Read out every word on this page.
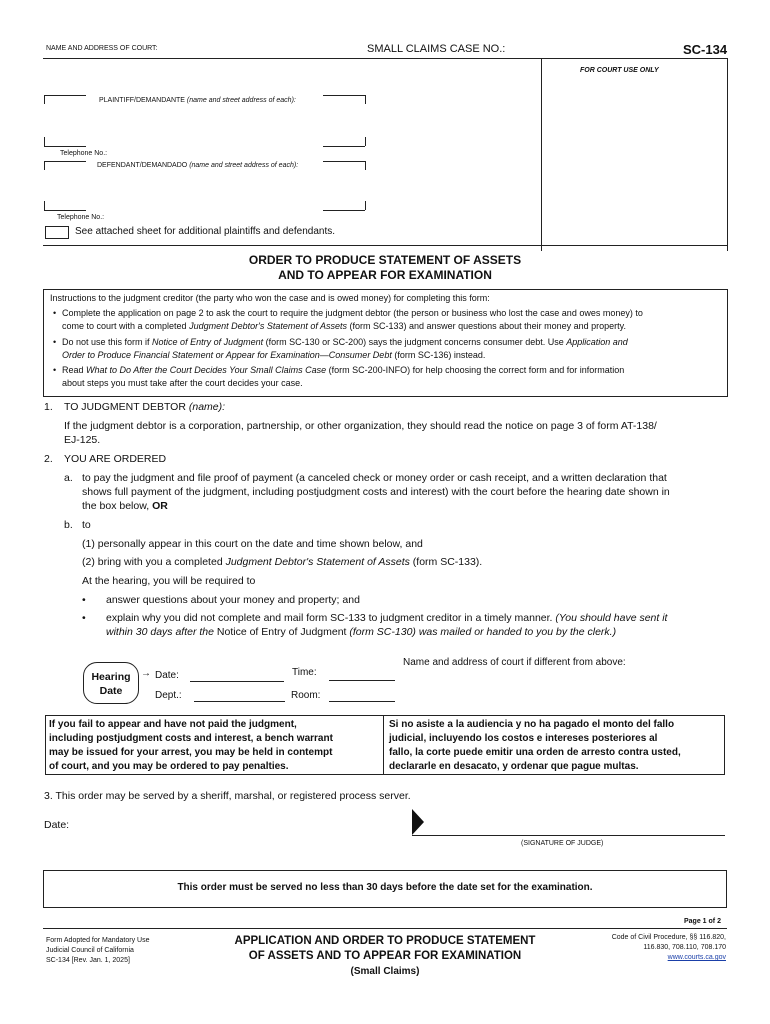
NAME AND ADDRESS OF COURT:	SMALL CLAIMS CASE NO.:	SC-134
FOR COURT USE ONLY
PLAINTIFF/DEMANDANTE (name and street address of each):
Telephone No.:
DEFENDANT/DEMANDADO (name and street address of each):
Telephone No.:
See attached sheet for additional plaintiffs and defendants.
ORDER TO PRODUCE STATEMENT OF ASSETS
AND TO APPEAR FOR EXAMINATION
Instructions to the judgment creditor (the party who won the case and is owed money) for completing this form:
• Complete the application on page 2 to ask the court to require the judgment debtor (the person or business who lost the case and owes money) to
come to court with a completed Judgment Debtor's Statement of Assets (form SC-133) and answer questions about their money and property.
• Do not use this form if Notice of Entry of Judgment (form SC-130 or SC-200) says the judgment concerns consumer debt. Use Application and
Order to Produce Financial Statement or Appear for Examination—Consumer Debt (form SC-136) instead.
• Read What to Do After the Court Decides Your Small Claims Case (form SC-200-INFO) for help choosing the correct form and for information
about steps you must take after the court decides your case.
1. TO JUDGMENT DEBTOR (name):
If the judgment debtor is a corporation, partnership, or other organization, they should read the notice on page 3 of form AT-138/
EJ-125.
2. YOU ARE ORDERED
a. to pay the judgment and file proof of payment (a canceled check or money order or cash receipt, and a written declaration that
shows full payment of the judgment, including postjudgment costs and interest) with the court before the hearing date shown in
the box below, OR
b. to
(1) personally appear in this court on the date and time shown below, and
(2) bring with you a completed Judgment Debtor's Statement of Assets (form SC-133).
At the hearing, you will be required to
• answer questions about your money and property; and
• explain why you did not complete and mail form SC-133 to judgment creditor in a timely manner. (You should have sent it
within 30 days after the Notice of Entry of Judgment (form SC-130) was mailed or handed to you by the clerk.)
Hearing
Date
→ Date:	Time:
Dept.:	Room:
Name and address of court if different from above:
If you fail to appear and have not paid the judgment,
including postjudgment costs and interest, a bench warrant
may be issued for your arrest, you may be held in contempt
of court, and you may be ordered to pay penalties.
Si no asiste a la audiencia y no ha pagado el monto del fallo
judicial, incluyendo los costos e intereses posteriores al
fallo, la corte puede emitir una orden de arresto contra usted,
declararle en desacato, y ordenar que pague multas.
3. This order may be served by a sheriff, marshal, or registered process server.
Date:
(SIGNATURE OF JUDGE)
This order must be served no less than 30 days before the date set for the examination.
Page 1 of 2
Form Adopted for Mandatory Use
Judicial Council of California
SC-134 [Rev. Jan. 1, 2025]
APPLICATION AND ORDER TO PRODUCE STATEMENT
OF ASSETS AND TO APPEAR FOR EXAMINATION
(Small Claims)
Code of Civil Procedure, §§ 116.820,
116.830, 708.110, 708.170
www.courts.ca.gov
